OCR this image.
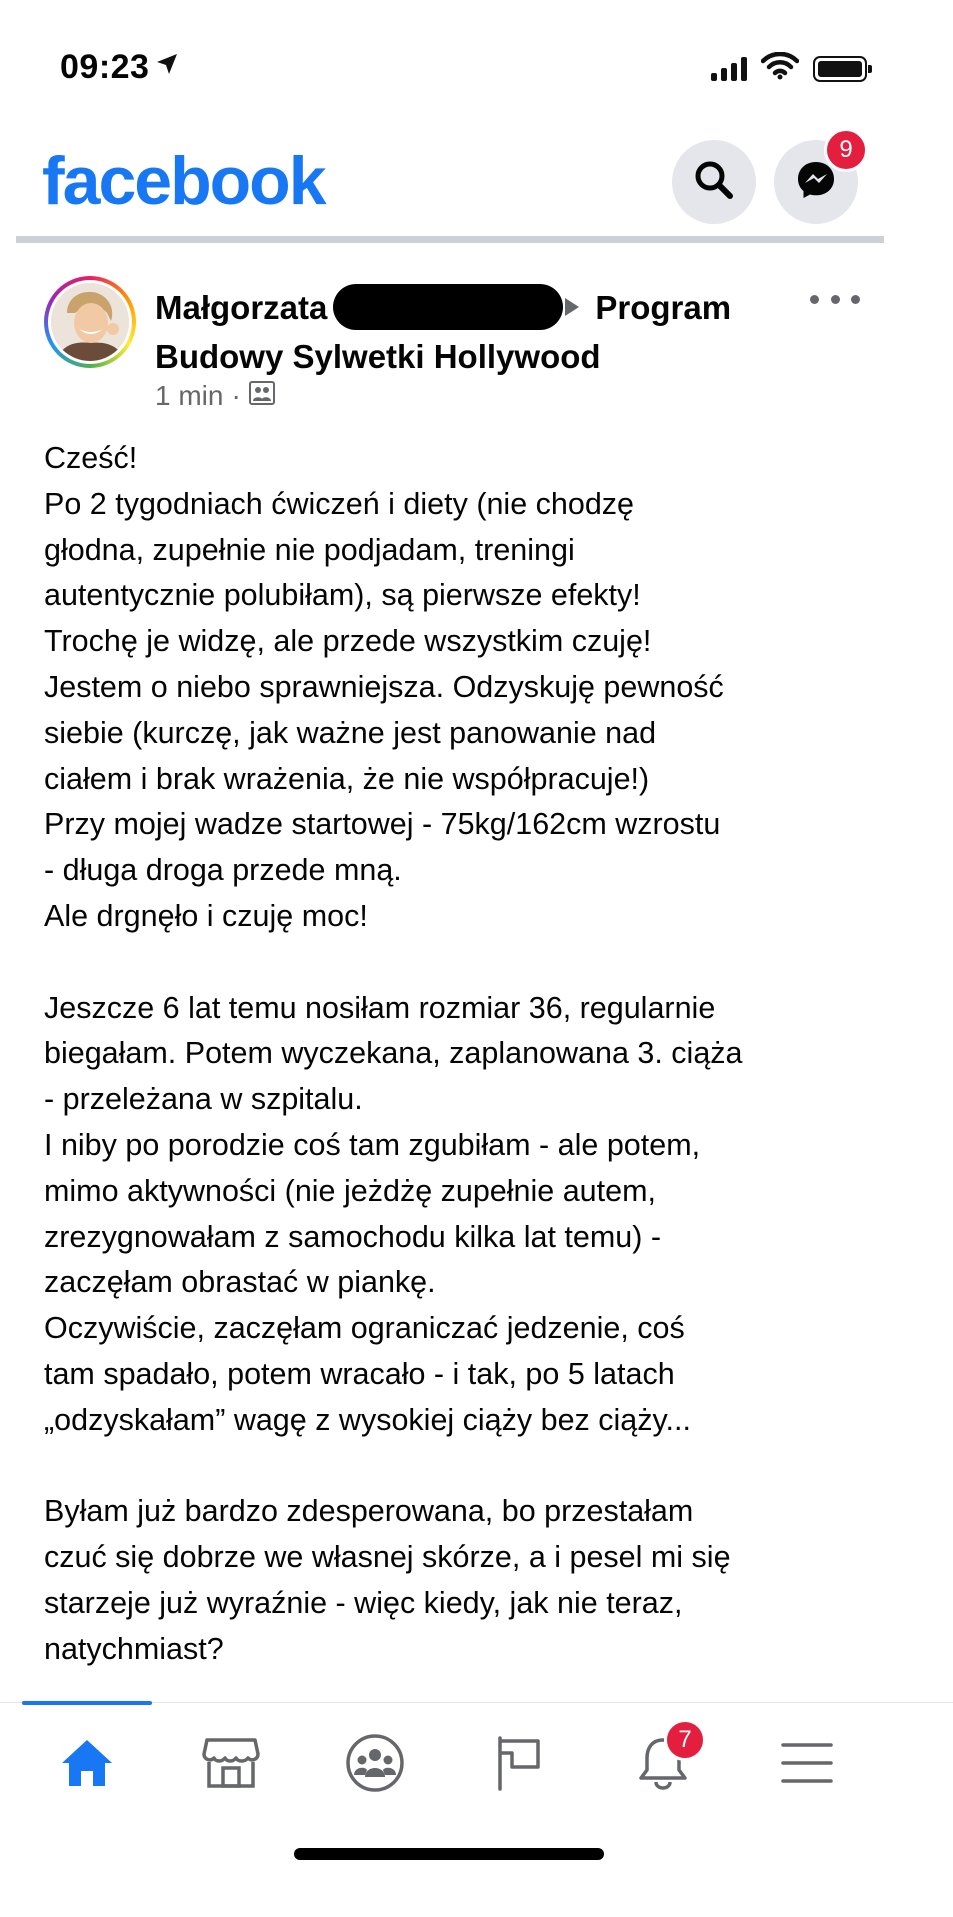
09:23
facebook	9
Małgorzata	Program
Budowy Sylwetki Hollywood
1 min ·

Cześć!
Po 2 tygodniach ćwiczeń i diety (nie chodzę
głodna, zupełnie nie podjadam, treningi
autentycznie polubiłam), są pierwsze efekty!
Trochę je widzę, ale przede wszystkim czuję!
Jestem o niebo sprawniejsza. Odzyskuję pewność
siebie (kurczę, jak ważne jest panowanie nad
ciałem i brak wrażenia, że nie współpracuje!)
Przy mojej wadze startowej - 75kg/162cm wzrostu
- długa droga przede mną.
Ale drgnęło i czuję moc!

Jeszcze 6 lat temu nosiłam rozmiar 36, regularnie
biegałam. Potem wyczekana, zaplanowana 3. ciąża
- przeleżana w szpitalu.
I niby po porodzie coś tam zgubiłam - ale potem,
mimo aktywności (nie jeżdżę zupełnie autem,
zrezygnowałam z samochodu kilka lat temu) -
zaczęłam obrastać w piankę.
Oczywiście, zaczęłam ograniczać jedzenie, coś
tam spadało, potem wracało - i tak, po 5 latach
„odzyskałam” wagę z wysokiej ciąży bez ciąży...

Byłam już bardzo zdesperowana, bo przestałam
czuć się dobrze we własnej skórze, a i pesel mi się
starzeje już wyraźnie - więc kiedy, jak nie teraz,
natychmiast?

7
